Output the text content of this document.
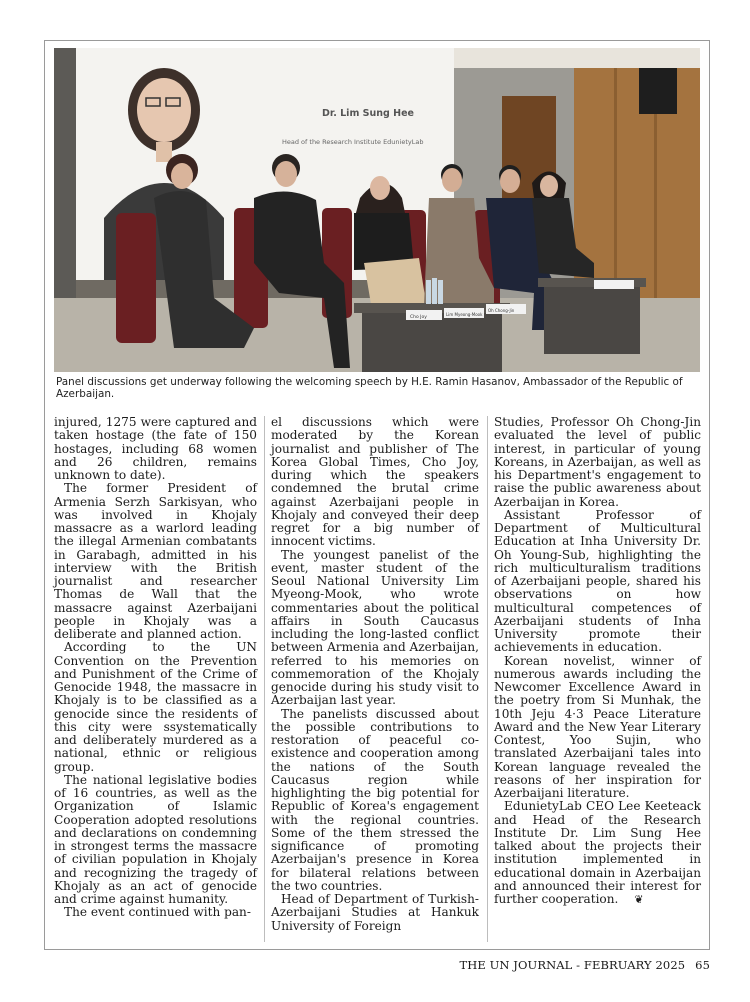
Dr. Lim Sung Hee
Head of the Research Institute EdunietyLab
Cho Joy
Lim Myeong-Mook
Oh Chong-Jin
Panel discussions get underway following the welcoming speech by H.E. Ramin Hasanov, Ambassador of the Republic of Azerbaijan.

injured, 1275 were captured and taken hostage (the fate of 150 hostages, including 68 women and 26 children, remains unknown to date).

The former President of Armenia Serzh Sarkisyan, who was involved in Khojaly massacre as a warlord leading the illegal Armenian combatants in Garabagh, admitted in his interview with the British journalist and researcher Thomas de Wall that the massacre against Azerbaijani people in Khojaly was a deliberate and planned action.

According to the UN Convention on the Prevention and Punishment of the Crime of Genocide 1948, the massacre in Khojaly is to be classified as a genocide since the residents of this city were ssystematically and deliberately murdered as a national, ethnic or religious group.

The national legislative bodies of 16 countries, as well as the Organization of Islamic Cooperation adopted resolutions and declarations on condemning in strongest terms the massacre of civilian population in Khojaly and recognizing the tragedy of Khojaly as an act of genocide and crime against humanity.

The event continued with pan-

el discussions which were moderated by the Korean journalist and publisher of The Korea Global Times, Cho Joy, during which the speakers condemned the brutal crime against Azerbaijani people in Khojaly and conveyed their deep regret for a big number of innocent victims.

The youngest panelist of the event, master student of the Seoul National University Lim Myeong-Mook, who wrote commentaries about the political affairs in South Caucasus including the long-lasted conflict between Armenia and Azerbaijan, referred to his memories on commemoration of the Khojaly genocide during his study visit to Azerbaijan last year.

The panelists discussed about the possible contributions to restoration of peaceful co-existence and cooperation among the nations of the South Caucasus region while highlighting the big potential for Republic of Korea's engagement with the regional countries. Some of the them stressed the significance of promoting Azerbaijan's presence in Korea for bilateral relations between the two countries.

Head of Department of Turkish-Azerbaijani Studies at Hankuk University of Foreign

Studies, Professor Oh Chong-Jin evaluated the level of public interest, in particular of young Koreans, in Azerbaijan, as well as his Department's engagement to raise the public awareness about Azerbaijan in Korea.

Assistant Professor of Department of Multicultural Education at Inha University Dr. Oh Young-Sub, highlighting the rich multiculturalism traditions of Azerbaijani people, shared his observations on how multicultural competences of Azerbaijani students of Inha University promote their achievements in education.

Korean novelist, winner of numerous awards including the Newcomer Excellence Award in the poetry from Si Munhak, the 10th Jeju 4·3 Peace Literature Award and the New Year Literary Contest, Yoo Sujin, who translated Azerbaijani tales into Korean language revealed the reasons of her inspiration for Azerbaijani literature.

EdunietyLab CEO Lee Keeteack and Head of the Research Institute Dr. Lim Sung Hee talked about the projects their institution implemented in educational domain in Azerbaijan and announced their interest for further cooperation. ❦

THE UN JOURNAL - FEBRUARY 2025 65
